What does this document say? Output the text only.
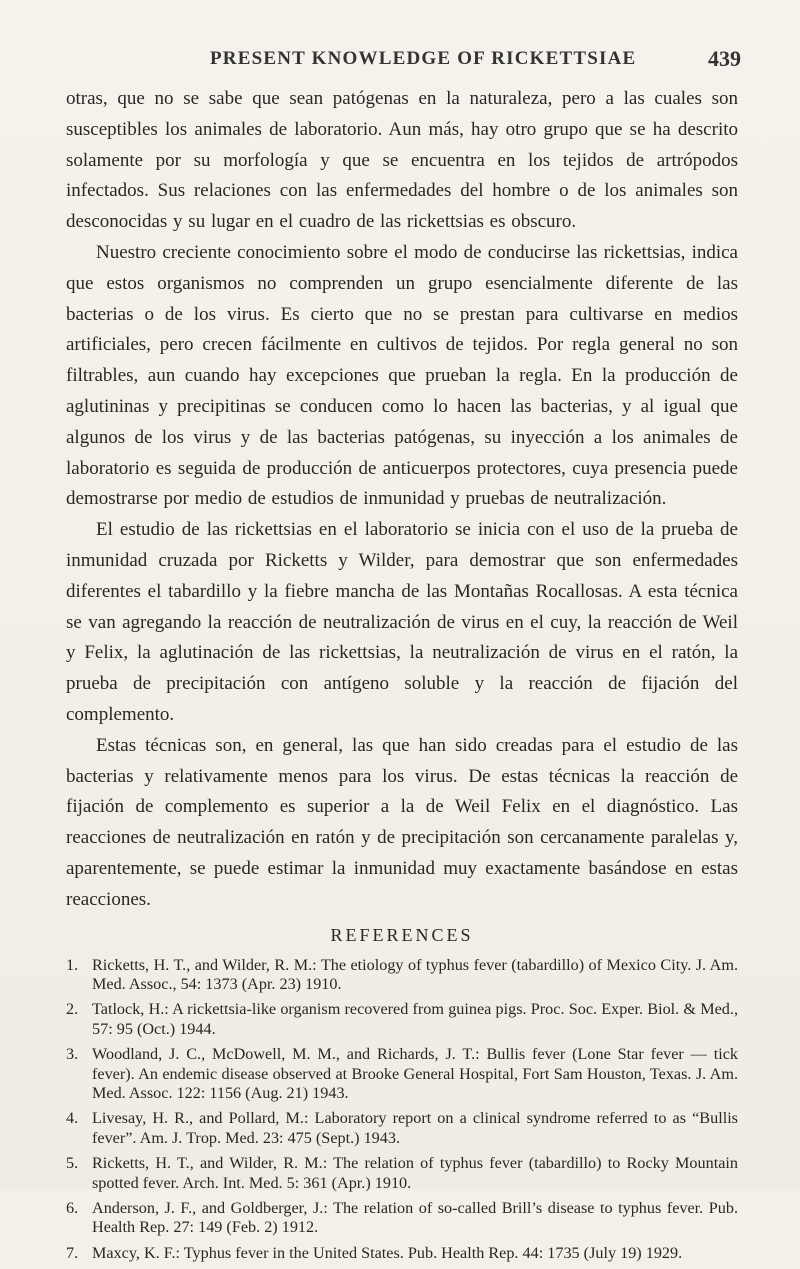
PRESENT KNOWLEDGE OF RICKETTSIAE	439

otras, que no se sabe que sean patógenas en la naturaleza, pero a las cuales son susceptibles los animales de laboratorio. Aun más, hay otro grupo que se ha descrito solamente por su morfología y que se encuentra en los tejidos de artrópodos infectados. Sus relaciones con las enfermedades del hombre o de los animales son desconocidas y su lugar en el cuadro de las rickettsias es obscuro.

Nuestro creciente conocimiento sobre el modo de conducirse las rickettsias, indica que estos organismos no comprenden un grupo esencialmente diferente de las bacterias o de los virus. Es cierto que no se prestan para cultivarse en medios artificiales, pero crecen fácilmente en cultivos de tejidos. Por regla general no son filtrables, aun cuando hay excepciones que prueban la regla. En la producción de aglutininas y precipitinas se conducen como lo hacen las bacterias, y al igual que algunos de los virus y de las bacterias patógenas, su inyección a los animales de laboratorio es seguida de producción de anticuerpos protectores, cuya presencia puede demostrarse por medio de estudios de inmunidad y pruebas de neutralización.

El estudio de las rickettsias en el laboratorio se inicia con el uso de la prueba de inmunidad cruzada por Ricketts y Wilder, para demostrar que son enfermedades diferentes el tabardillo y la fiebre mancha de las Montañas Rocallosas. A esta técnica se van agregando la reacción de neutralización de virus en el cuy, la reacción de Weil y Felix, la aglutinación de las rickettsias, la neutralización de virus en el ratón, la prueba de precipitación con antígeno soluble y la reacción de fijación del complemento.

Estas técnicas son, en general, las que han sido creadas para el estudio de las bacterias y relativamente menos para los virus. De estas técnicas la reacción de fijación de complemento es superior a la de Weil Felix en el diagnóstico. Las reacciones de neutralización en ratón y de precipitación son cercanamente paralelas y, aparentemente, se puede estimar la inmunidad muy exactamente basándose en estas reacciones.

REFERENCES
1. Ricketts, H. T., and Wilder, R. M.: The etiology of typhus fever (tabardillo) of Mexico City. J. Am. Med. Assoc., 54: 1373 (Apr. 23) 1910.
2. Tatlock, H.: A rickettsia-like organism recovered from guinea pigs. Proc. Soc. Exper. Biol. & Med., 57: 95 (Oct.) 1944.
3. Woodland, J. C., McDowell, M. M., and Richards, J. T.: Bullis fever (Lone Star fever — tick fever). An endemic disease observed at Brooke General Hospital, Fort Sam Houston, Texas. J. Am. Med. Assoc. 122: 1156 (Aug. 21) 1943.
4. Livesay, H. R., and Pollard, M.: Laboratory report on a clinical syndrome referred to as “Bullis fever”. Am. J. Trop. Med. 23: 475 (Sept.) 1943.
5. Ricketts, H. T., and Wilder, R. M.: The relation of typhus fever (tabardillo) to Rocky Mountain spotted fever. Arch. Int. Med. 5: 361 (Apr.) 1910.
6. Anderson, J. F., and Goldberger, J.: The relation of so-called Brill’s disease to typhus fever. Pub. Health Rep. 27: 149 (Feb. 2) 1912.
7. Maxcy, K. F.: Typhus fever in the United States. Pub. Health Rep. 44: 1735 (July 19) 1929.
